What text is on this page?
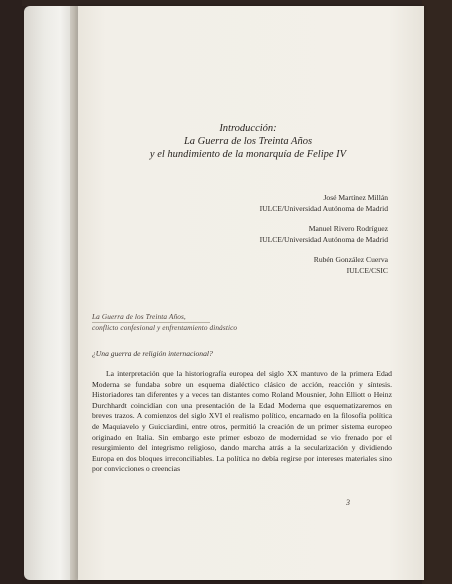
Introducción:
La Guerra de los Treinta Años
y el hundimiento de la monarquía de Felipe IV
José Martínez Millán
IULCE/Universidad Autónoma de Madrid
Manuel Rivero Rodríguez
IULCE/Universidad Autónoma de Madrid
Rubén González Cuerva
IULCE/CSIC
La Guerra de los Treinta Años,
conflicto confesional y enfrentamiento dinástico
¿Una guerra de religión internacional?

La interpretación que la historiografía europea del siglo XX mantuvo de la primera Edad Moderna se fundaba sobre un esquema dialéctico clásico de acción, reacción y síntesis. Historiadores tan diferentes y a veces tan distantes como Roland Mousnier, John Elliott o Heinz Durchhardt coincidían con una presentación de la Edad Moderna que esquematizaremos en breves trazos. A comienzos del siglo XVI el realismo político, encarnado en la filosofía política de Maquiavelo y Guicciardini, entre otros, permitió la creación de un primer sistema europeo originado en Italia. Sin embargo este primer esbozo de modernidad se vio frenado por el resurgimiento del integrismo religioso, dando marcha atrás a la secularización y dividiendo Europa en dos bloques irreconciliables. La política no debía regirse por intereses materiales sino por convicciones o creencias

3
